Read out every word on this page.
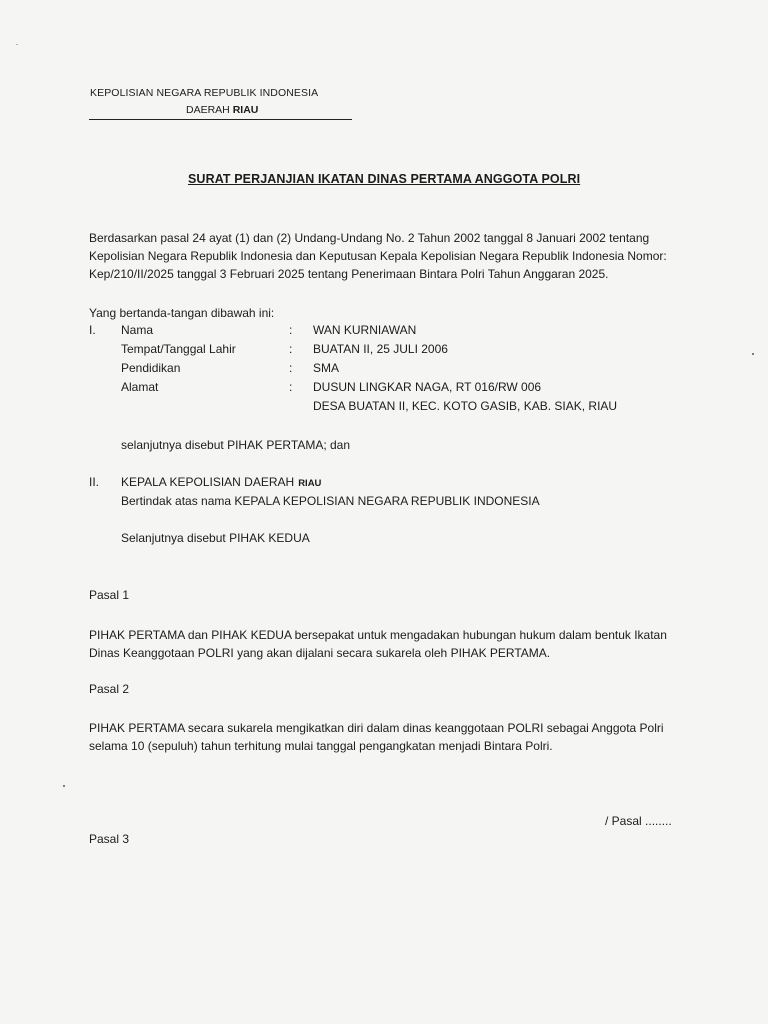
KEPOLISIAN NEGARA REPUBLIK INDONESIA
DAERAH RIAU
SURAT PERJANJIAN IKATAN DINAS PERTAMA ANGGOTA POLRI
Berdasarkan pasal 24 ayat (1) dan (2) Undang-Undang No. 2 Tahun 2002 tanggal 8 Januari 2002 tentang
Kepolisian Negara Republik Indonesia dan Keputusan Kepala Kepolisian Negara Republik Indonesia Nomor:
Kep/210/II/2025 tanggal 3 Februari 2025 tentang Penerimaan Bintara Polri Tahun Anggaran 2025.
Yang bertanda-tangan dibawah ini:
I. Nama	: WAN KURNIAWAN
Tempat/Tanggal Lahir	: BUATAN II, 25 JULI 2006
Pendidikan	: SMA
Alamat	: DUSUN LINGKAR NAGA, RT 016/RW 006
DESA BUATAN II, KEC. KOTO GASIB, KAB. SIAK, RIAU
selanjutnya disebut PIHAK PERTAMA; dan
II. KEPALA KEPOLISIAN DAERAH RIAU
Bertindak atas nama KEPALA KEPOLISIAN NEGARA REPUBLIK INDONESIA
Selanjutnya disebut PIHAK KEDUA
Pasal 1
PIHAK PERTAMA dan PIHAK KEDUA bersepakat untuk mengadakan hubungan hukum dalam bentuk Ikatan
Dinas Keanggotaan POLRI yang akan dijalani secara sukarela oleh PIHAK PERTAMA.
Pasal 2
PIHAK PERTAMA secara sukarela mengikatkan diri dalam dinas keanggotaan POLRI sebagai Anggota Polri
selama 10 (sepuluh) tahun terhitung mulai tanggal pengangkatan menjadi Bintara Polri.
/ Pasal ........
Pasal 3
